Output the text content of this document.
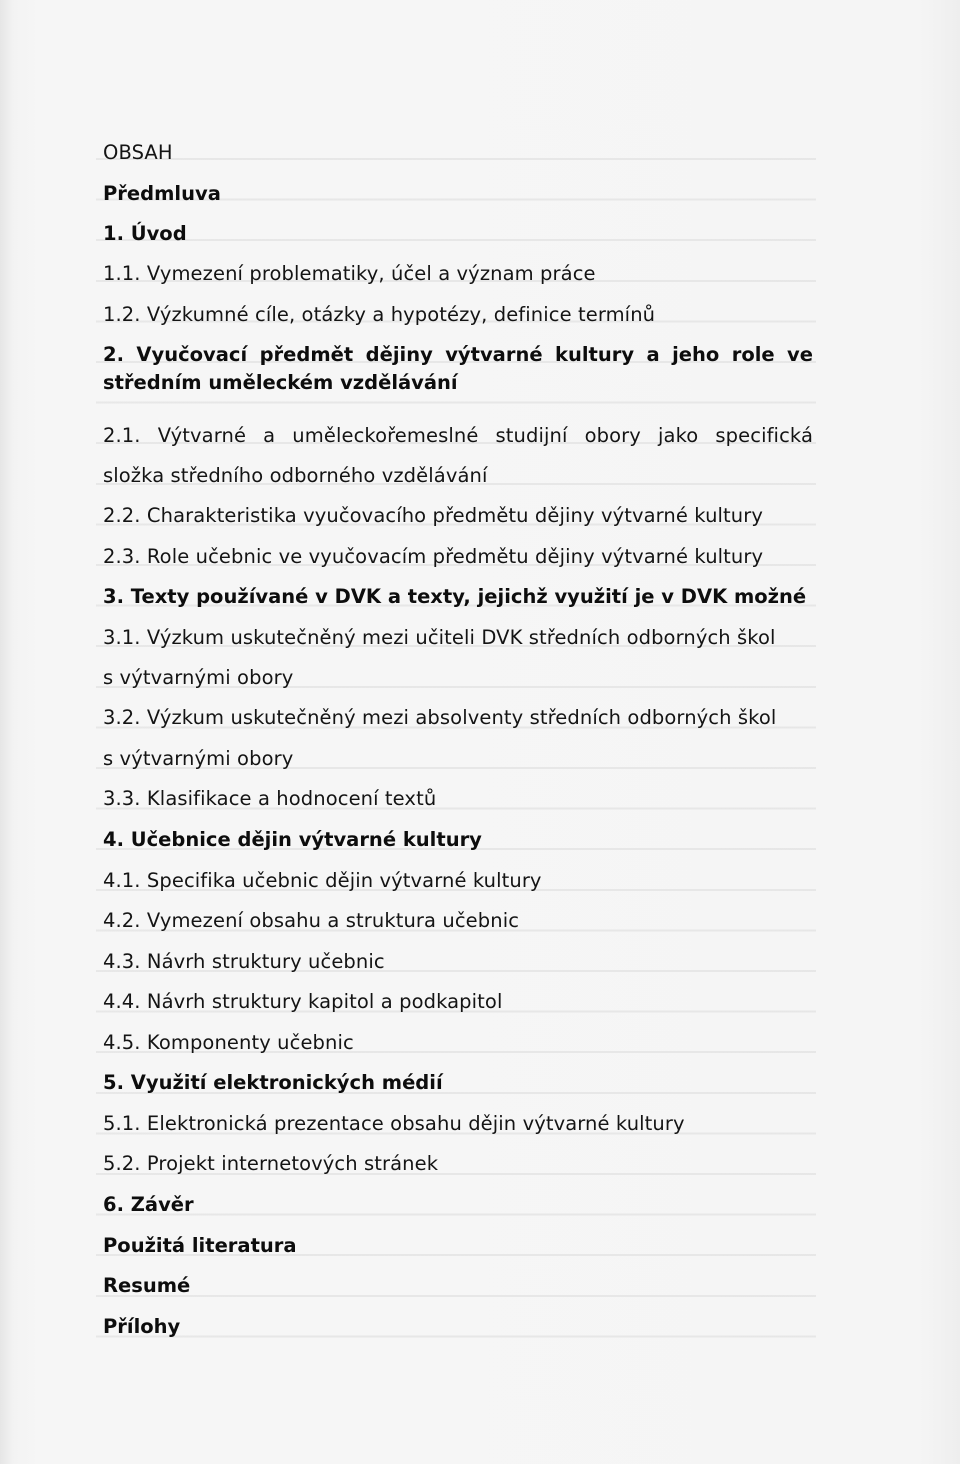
OBSAH
Předmluva
1. Úvod
1.1. Vymezení problematiky, účel a význam práce
1.2. Výzkumné cíle, otázky a hypotézy, definice termínů
2. Vyučovací předmět dějiny výtvarné kultury a jeho role ve
středním uměleckém vzdělávání
2.1. Výtvarné a uměleckořemeslné studijní obory jako specifická
složka středního odborného vzdělávání
2.2. Charakteristika vyučovacího předmětu dějiny výtvarné kultury
2.3. Role učebnic ve vyučovacím předmětu dějiny výtvarné kultury
3. Texty používané v DVK a texty, jejichž využití je v DVK možné
3.1. Výzkum uskutečněný mezi učiteli DVK středních odborných škol
s výtvarnými obory
3.2. Výzkum uskutečněný mezi absolventy středních odborných škol
s výtvarnými obory
3.3. Klasifikace a hodnocení textů
4. Učebnice dějin výtvarné kultury
4.1. Specifika učebnic dějin výtvarné kultury
4.2. Vymezení obsahu a struktura učebnic
4.3. Návrh struktury učebnic
4.4. Návrh struktury kapitol a podkapitol
4.5. Komponenty učebnic
5. Využití elektronických médií
5.1. Elektronická prezentace obsahu dějin výtvarné kultury
5.2. Projekt internetových stránek
6. Závěr
Použitá literatura
Resumé
Přílohy
